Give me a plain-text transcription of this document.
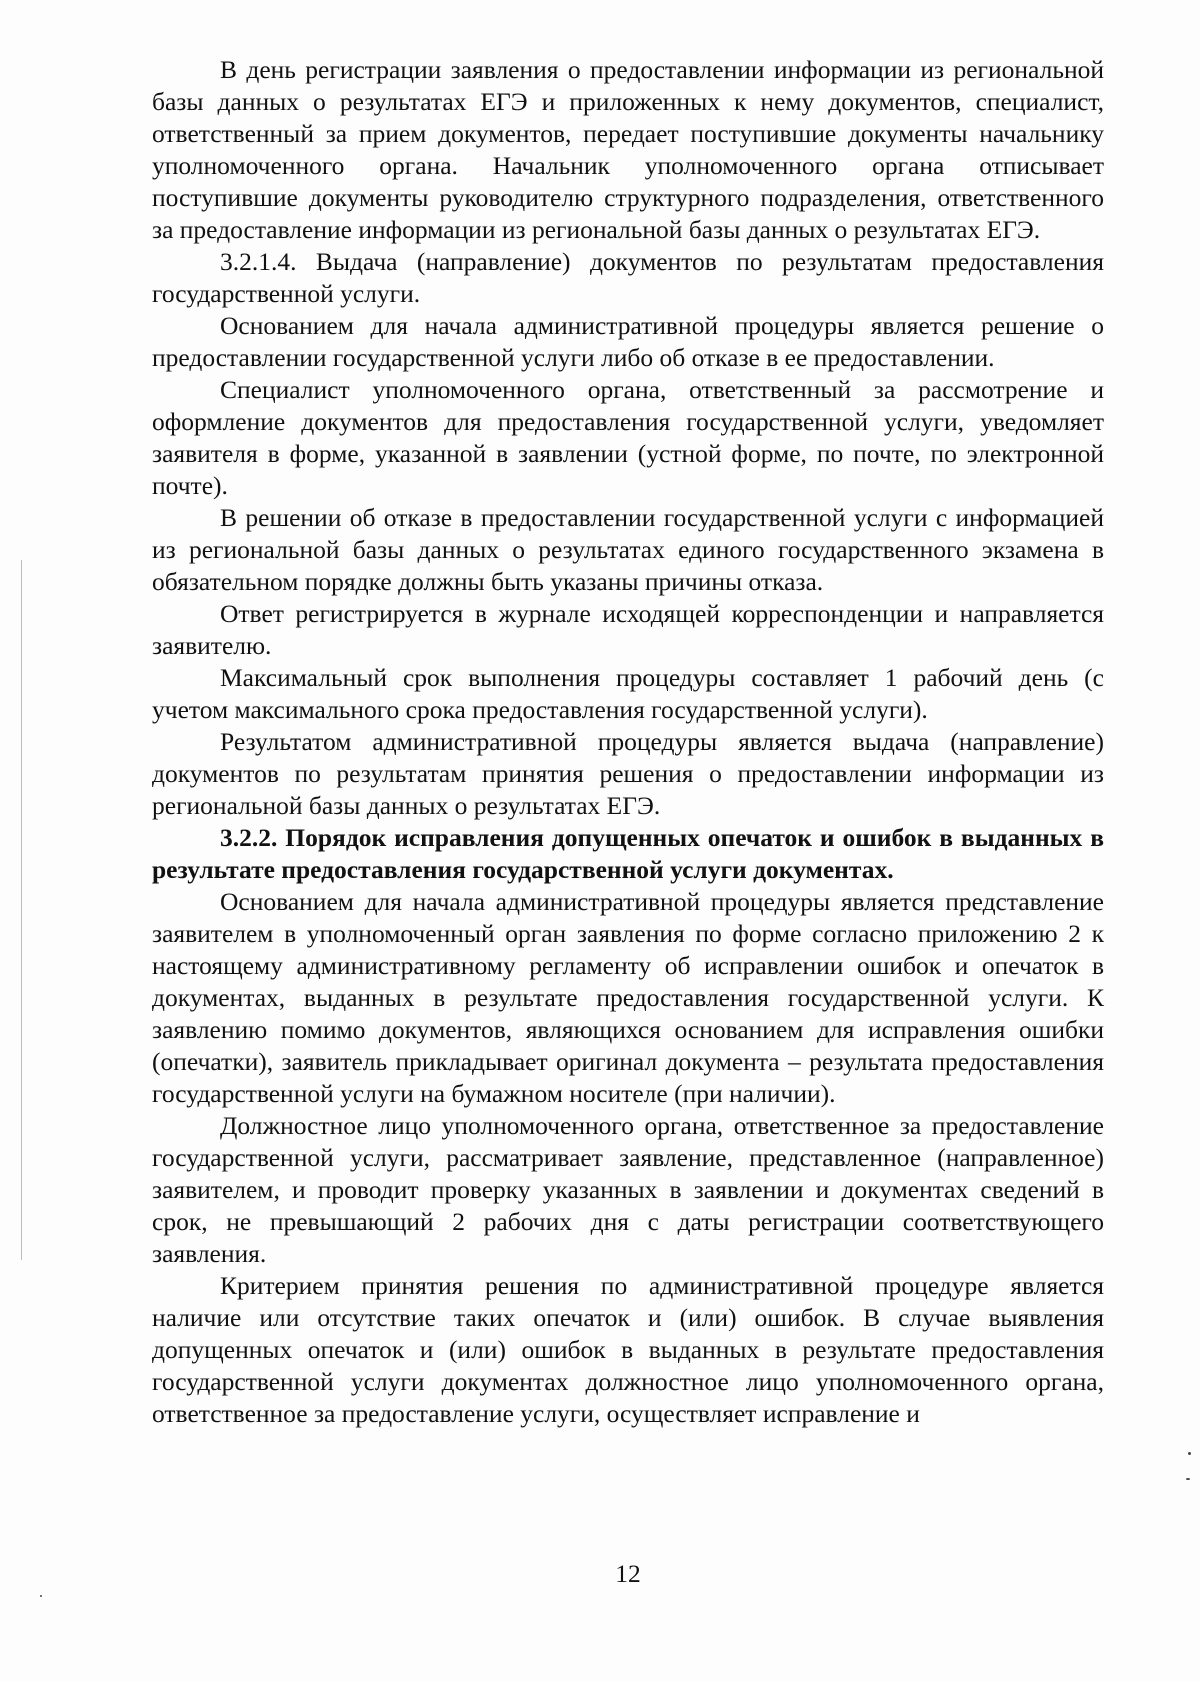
В день регистрации заявления о предоставлении информации из региональной базы данных о результатах ЕГЭ и приложенных к нему документов, специалист, ответственный за прием документов, передает поступившие документы начальнику уполномоченного органа. Начальник уполномоченного органа отписывает поступившие документы руководителю структурного подразделения, ответственного за предоставление информации из региональной базы данных о результатах ЕГЭ.

3.2.1.4. Выдача (направление) документов по результатам предоставления государственной услуги.

Основанием для начала административной процедуры является решение о предоставлении государственной услуги либо об отказе в ее предоставлении.

Специалист уполномоченного органа, ответственный за рассмотрение и оформление документов для предоставления государственной услуги, уведомляет заявителя в форме, указанной в заявлении (устной форме, по почте, по электронной почте).

В решении об отказе в предоставлении государственной услуги с информацией из региональной базы данных о результатах единого государственного экзамена в обязательном порядке должны быть указаны причины отказа.

Ответ регистрируется в журнале исходящей корреспонденции и направляется заявителю.

Максимальный срок выполнения процедуры составляет 1 рабочий день (с учетом максимального срока предоставления государственной услуги).

Результатом административной процедуры является выдача (направление) документов по результатам принятия решения о предоставлении информации из региональной базы данных о результатах ЕГЭ.

3.2.2. Порядок исправления допущенных опечаток и ошибок в выданных в результате предоставления государственной услуги документах.

Основанием для начала административной процедуры является представление заявителем в уполномоченный орган заявления по форме согласно приложению 2 к настоящему административному регламенту об исправлении ошибок и опечаток в документах, выданных в результате предоставления государственной услуги. К заявлению помимо документов, являющихся основанием для исправления ошибки (опечатки), заявитель прикладывает оригинал документа – результата предоставления государственной услуги на бумажном носителе (при наличии).

Должностное лицо уполномоченного органа, ответственное за предоставление государственной услуги, рассматривает заявление, представленное (направленное) заявителем, и проводит проверку указанных в заявлении и документах сведений в срок, не превышающий 2 рабочих дня с даты регистрации соответствующего заявления.

Критерием принятия решения по административной процедуре является наличие или отсутствие таких опечаток и (или) ошибок. В случае выявления допущенных опечаток и (или) ошибок в выданных в результате предоставления государственной услуги документах должностное лицо уполномоченного органа, ответственное за предоставление услуги, осуществляет исправление и

12
